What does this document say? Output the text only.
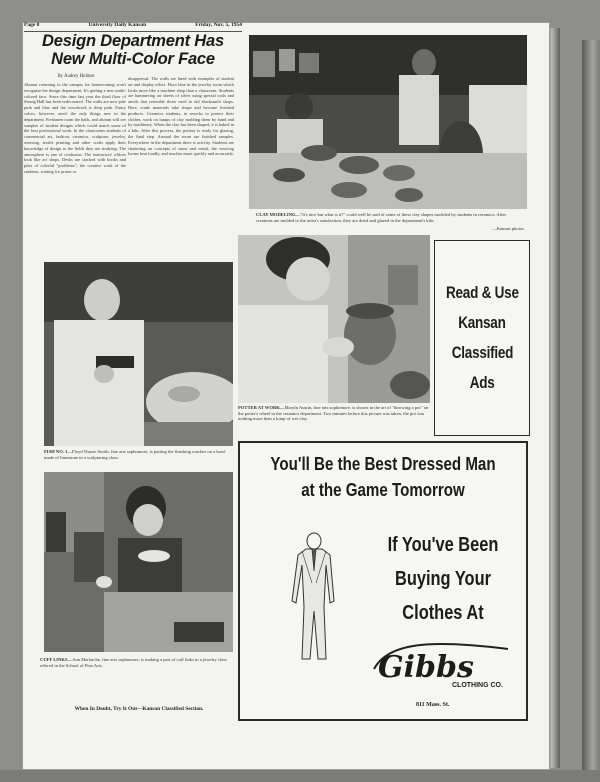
Page 8	University Daily Kansan	Friday, Nov. 5, 1954
Design Department Has New Multi-Color Face
By Audrey Holmes
Alumni returning to the campus for homecoming won't recognize the design department. It's getting a new multi-colored face. Since this time last year the third floor of Strong Hall has been redecorated. The walls are now pale pink and blue and the woodwork is deep pink. Fancy colors, however, aren't the only things new in the department. Freshmen roam the halls, and alumni will see samples of student designs which could match some of the best professional work. In the classrooms students of commercial art, fashion, ceramics, sculpture, jewelry, weaving, textile printing and other crafts apply their knowledge of design to the fields they are studying. The atmosphere is one of confusion. The instructors' offices look like art shops. Desks are stacked with books and piles of colorful "problems"; the creative work of the students, waiting for praise or
disapproval. The walls are lined with examples of student art and display effort. Floor blue in the jewelry room which looks more like a machine shop than a classroom. Students are hammering on sheets of silver using special tools and anvils that resemble those used in old blacksmith shops. Here, crude materials take shape and become finished products. Ceramics students, in smocks to protect their clothes, work on lumps of clay molding them by hand and by machinery. When the clay has been shaped, it is baked in a kiln. After this process, the pottery is ready for glazing, the final step. Around the room are finished samples. Everywhere in the department there is activity. Students are chattering on concepts of stone and metal, the weaving looms beat loudly, and touches more quickly and accurately.
CLAY MODELING—"It's nice but what is it?" could well be said of some of these clay shapes modeled by students in ceramics. After creations are molded to the artist's satisfaction, they are dried and glazed in the department's kiln.
—Kansan photos
FISH NO. 1—Floyd Wayne Smith, fine arts sophomore, is putting the finishing touches on a bowl made of limestone in a sculpturing class.
POTTER AT WORK—Maryln Austin, fine arts sophomore, is shown in the art of "throwing a pot" on the potter's wheel in the ceramics department. Two minutes before this picture was taken, the pot was nothing more than a lump of wet clay.
CUFF LINKS—Ann Marlatche, fine arts sophomore, is making a pair of cuff links in a jewelry class offered in the School of Fine Arts.
Read & Use
Kansan
Classified
Ads
You'll Be the Best Dressed Man
at the Game Tomorrow
If You've Been
Buying Your
Clothes At
Gibbs
CLOTHING CO.
811 Mass. St.
When In Doubt, Try It Out—Kansan Classified Section.
